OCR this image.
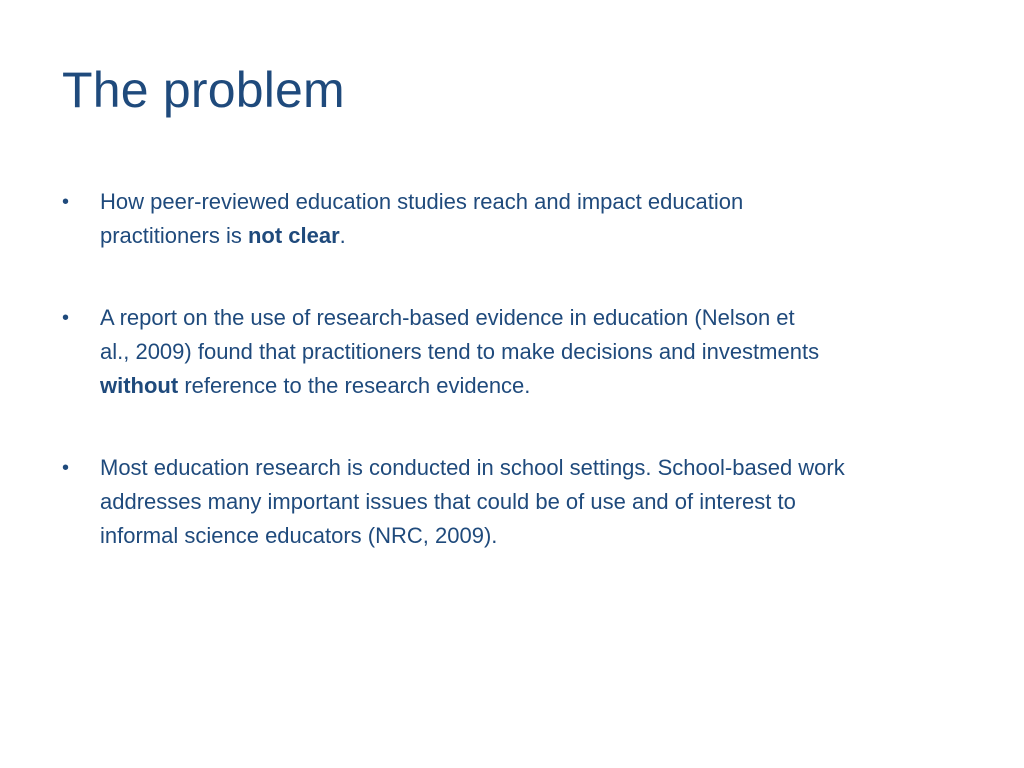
The problem
• How peer-reviewed education studies reach and impact education practitioners is not clear.
• A report on the use of research-based evidence in education (Nelson et al., 2009) found that practitioners tend to make decisions and investments without reference to the research evidence.
• Most education research is conducted in school settings. School-based work addresses many important issues that could be of use and of interest to informal science educators (NRC, 2009).
